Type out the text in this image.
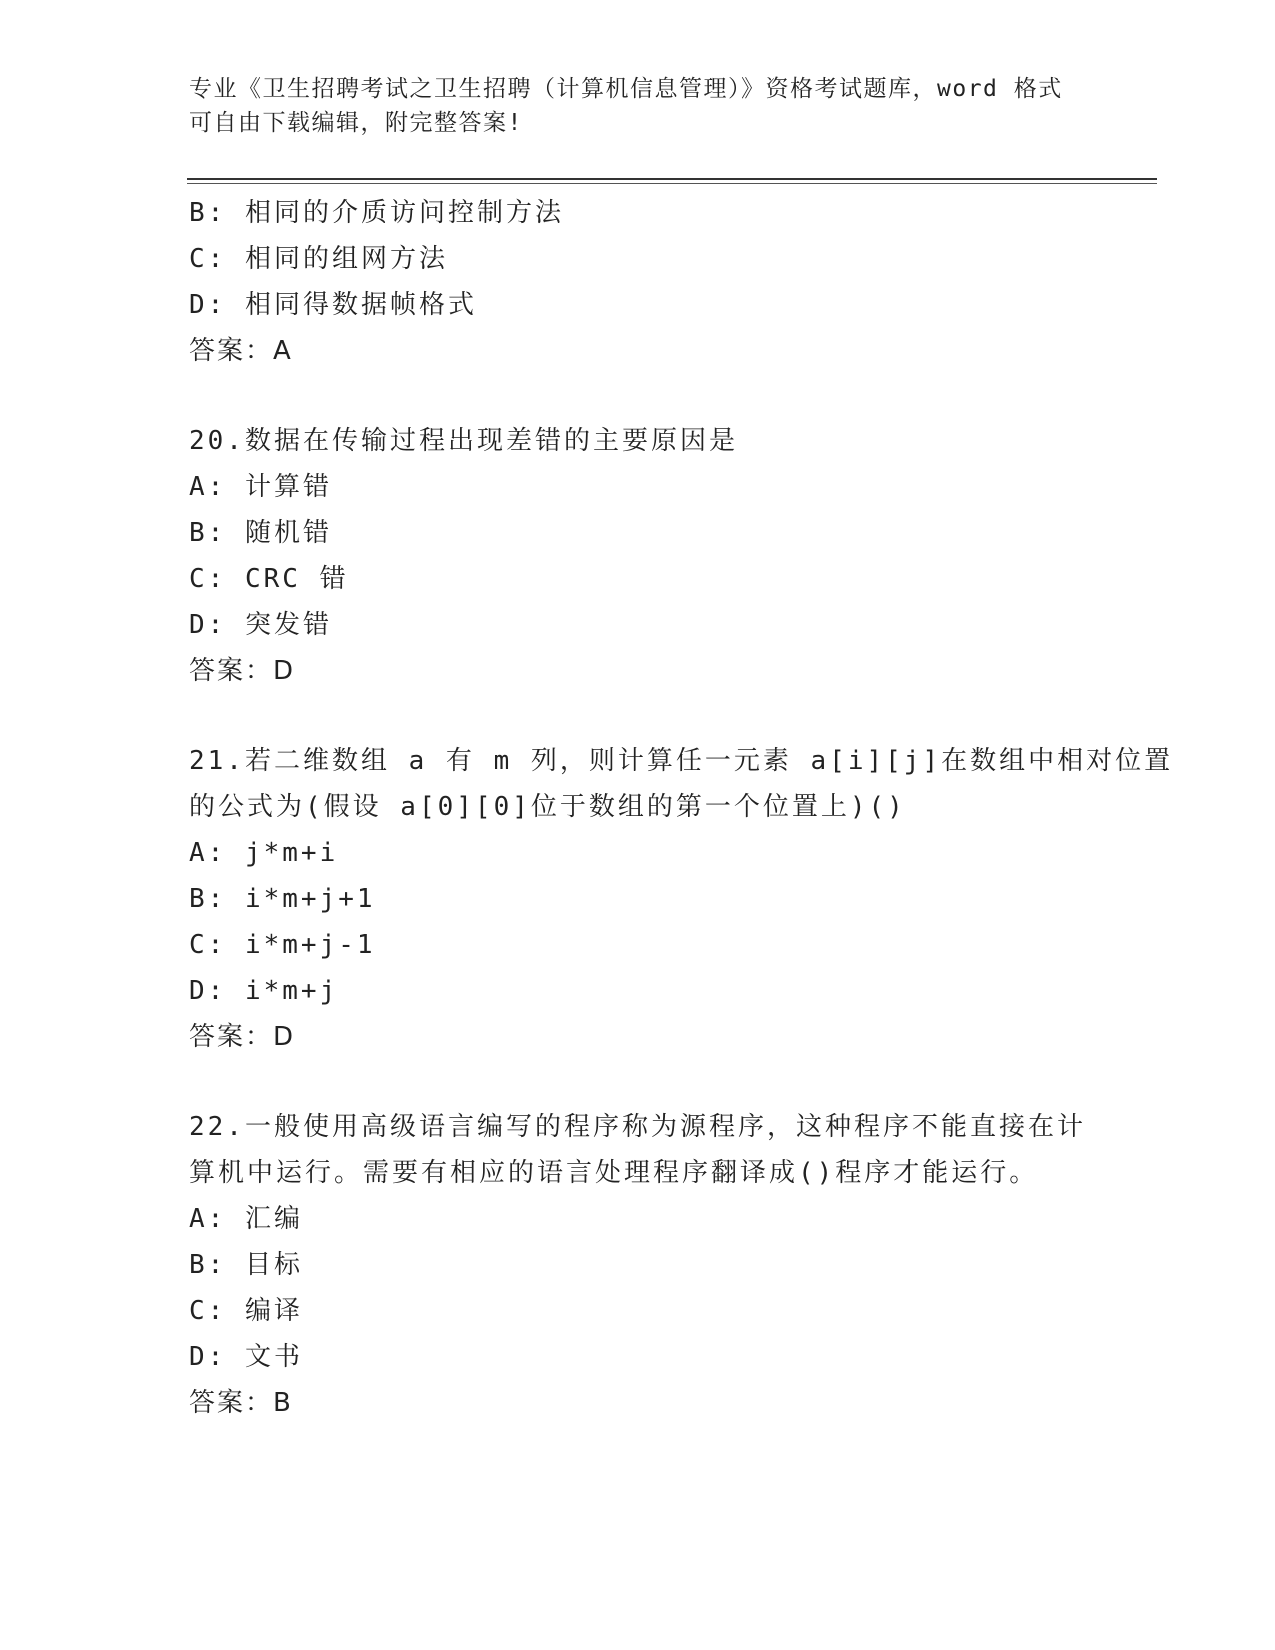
专业《卫生招聘考试之卫生招聘（计算机信息管理）》资格考试题库，word 格式
可自由下载编辑，附完整答案!
B: 相同的介质访问控制方法
C: 相同的组网方法
D: 相同得数据帧格式
答案：A
20.数据在传输过程出现差错的主要原因是
A: 计算错
B: 随机错
C: CRC 错
D: 突发错
答案：D
21.若二维数组 a 有 m 列，则计算任一元素 a[i][j]在数组中相对位置
的公式为(假设 a[0][0]位于数组的第一个位置上)()
A: j*m+i
B: i*m+j+1
C: i*m+j-1
D: i*m+j
答案：D
22.一般使用高级语言编写的程序称为源程序，这种程序不能直接在计
算机中运行。需要有相应的语言处理程序翻译成()程序才能运行。
A: 汇编
B: 目标
C: 编译
D: 文书
答案：B
